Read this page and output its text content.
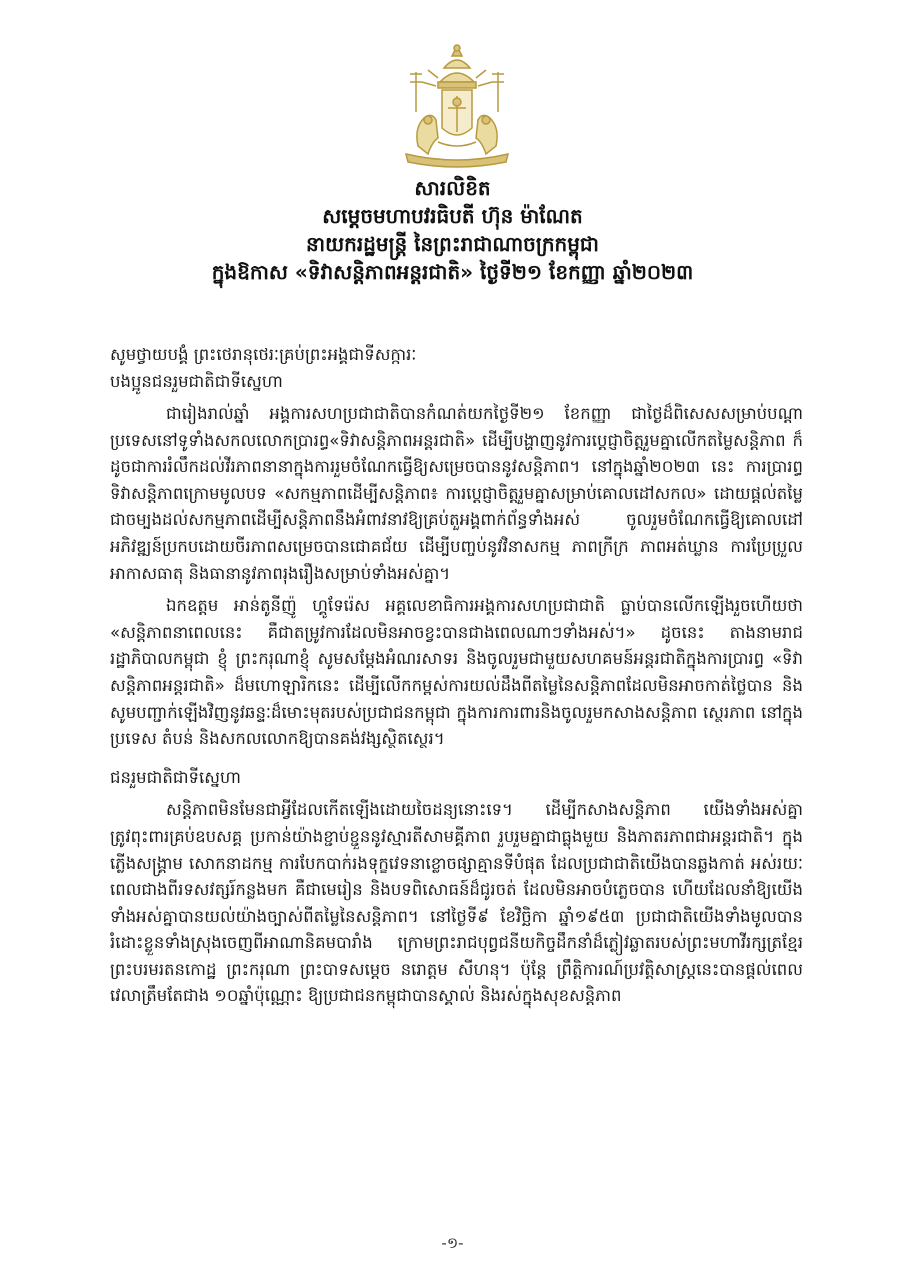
សារលិខិត
សម្តេចមហាបវរធិបតី ហ៊ុន ម៉ាណែត
នាយករដ្ឋមន្ត្រី នៃព្រះរាជាណាចក្រកម្ពុជា
ក្នុងឱកាស «ទិវាសន្តិភាពអន្តរជាតិ» ថ្ងៃទី២១ ខែកញ្ញា ឆ្នាំ២០២៣

សូមថ្វាយបង្គំ ព្រះថេរានុថេរៈគ្រប់ព្រះអង្គជាទីសក្ការៈ

បងប្អូនជនរួមជាតិជាទីស្នេហា

ជារៀងរាល់ឆ្នាំ អង្គការសហប្រជាជាតិបានកំណត់យកថ្ងៃទី២១ ខែកញ្ញា ជាថ្ងៃដ៏ពិសេសសម្រាប់បណ្តាប្រទេសនៅទូទាំងសកលលោកប្រារព្ធ«ទិវាសន្តិភាពអន្តរជាតិ» ដើម្បីបង្ហាញនូវការប្តេជ្ញាចិត្តរួមគ្នាលើកតម្លៃសន្តិភាព ក៏ដូចជាការរំលឹកដល់វីរភាពនានាក្នុងការរួមចំណែកធ្វើឱ្យសម្រេចបាននូវសន្តិភាព។ នៅក្នុងឆ្នាំ២០២៣ នេះ ការប្រារព្ធទិវាសន្តិភាពក្រោមមូលបទ «សកម្មភាពដើម្បីសន្តិភាព៖ ការប្តេជ្ញាចិត្តរួមគ្នាសម្រាប់គោលដៅសកល» ដោយផ្តល់តម្លៃជាចម្បងដល់សកម្មភាពដើម្បីសន្តិភាពនឹងអំពាវនាវឱ្យគ្រប់តួអង្គពាក់ព័ន្ធទាំងអស់ ចូលរួមចំណែកធ្វើឱ្យគោលដៅអភិវឌ្ឍន៍ប្រកបដោយចីរភាពសម្រេចបានជោគជ័យ ដើម្បីបញ្ចប់នូវវិនាសកម្ម ភាពក្រីក្រ ភាពអត់ឃ្លាន ការប្រែប្រួលអាកាសធាតុ និងធានានូវភាពរុងរឿងសម្រាប់ទាំងអស់គ្នា។

ឯកឧត្តម អាន់តូនីញ៉ូ ហ្គូទែរ៉េស អគ្គលេខាធិការអង្គការសហប្រជាជាតិ ធ្លាប់បានលើកឡើងរួចហើយថា «សន្តិភាពនាពេលនេះ គឺជាតម្រូវការដែលមិនអាចខ្វះបានជាងពេលណាៗទាំងអស់។» ដូចនេះ តាងនាមរាជរដ្ឋាភិបាលកម្ពុជា ខ្ញុំ ព្រះករុណាខ្ញុំ សូមសម្តែងអំណរសាទរ និងចូលរួមជាមួយសហគមន៍អន្តរជាតិក្នុងការប្រារព្ធ «ទិវាសន្តិភាពអន្តរជាតិ» ដ៏មហោឡារិកនេះ ដើម្បីលើកកម្ពស់ការយល់ដឹងពីតម្លៃនៃសន្តិភាពដែលមិនអាចកាត់ថ្លៃបាន និងសូមបញ្ជាក់ឡើងវិញនូវឆន្ទៈដ៏មោះមុតរបស់ប្រជាជនកម្ពុជា ក្នុងការការពារនិងចូលរួមកសាងសន្តិភាព ស្ថេរភាព នៅក្នុងប្រទេស តំបន់ និងសកលលោកឱ្យបានគង់វង្សស្ថិតស្ថេរ។

ជនរួមជាតិជាទីស្នេហា

សន្តិភាពមិនមែនជាអ្វីដែលកើតឡើងដោយចៃដន្យនោះទេ។ ដើម្បីកសាងសន្តិភាព យើងទាំងអស់គ្នាត្រូវពុះពារគ្រប់ឧបសគ្គ ប្រកាន់យ៉ាងខ្ជាប់ខ្ជួននូវស្មារតីសាមគ្គីភាព រួបរួមគ្នាជាធ្លុងមួយ និងភាតរភាពជាអន្តរជាតិ។ ក្នុងភ្លើងសង្គ្រាម សោកនាដកម្ម ការបែកបាក់រងទុក្ខវេទនាខ្លោចផ្សាគ្មានទីបំផុត ដែលប្រជាជាតិយើងបានឆ្លងកាត់ អស់រយៈពេលជាងពីរទសវត្សរ៍កន្លងមក គឺជាមេរៀន និងបទពិសោធន៍ដ៏ជូរចត់ ដែលមិនអាចបំភ្លេចបាន ហើយដែលនាំឱ្យយើងទាំងអស់គ្នាបានយល់យ៉ាងច្បាស់ពីតម្លៃនៃសន្តិភាព។ នៅថ្ងៃទី៩ ខែវិច្ឆិកា ឆ្នាំ១៩៥៣ ប្រជាជាតិយើងទាំងមូលបានរំដោះខ្លួនទាំងស្រុងចេញពីអាណានិគមបារាំង ក្រោមព្រះរាជបុព្វជនីយកិច្ចដឹកនាំដ៏ភ្លៀវឆ្លាតរបស់ព្រះមហាវីរក្សត្រខ្មែរ ព្រះបរមរតនកោដ្ឋ ព្រះករុណា ព្រះបាទសម្តេច នរោត្តម សីហនុ។ ប៉ុន្តែ ព្រឹត្តិការណ៍ប្រវត្តិសាស្ត្រនេះបានផ្តល់ពេលវេលាត្រឹមតែជាង ១០ឆ្នាំប៉ុណ្ណោះ ឱ្យប្រជាជនកម្ពុជាបានស្គាល់ និងរស់ក្នុងសុខសន្តិភាព

-១-
